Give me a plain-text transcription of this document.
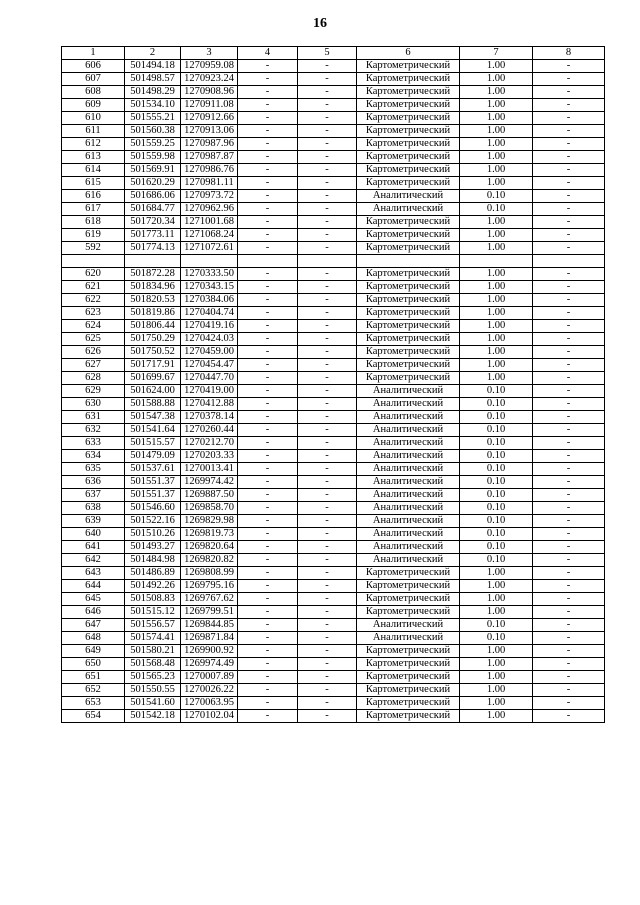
16
1	2	3	4	5	6	7	8
606	501494.18	1270959.08	-	-	Картометрический	1.00	-
607	501498.57	1270923.24	-	-	Картометрический	1.00	-
608	501498.29	1270908.96	-	-	Картометрический	1.00	-
609	501534.10	1270911.08	-	-	Картометрический	1.00	-
610	501555.21	1270912.66	-	-	Картометрический	1.00	-
611	501560.38	1270913.06	-	-	Картометрический	1.00	-
612	501559.25	1270987.96	-	-	Картометрический	1.00	-
613	501559.98	1270987.87	-	-	Картометрический	1.00	-
614	501569.91	1270986.76	-	-	Картометрический	1.00	-
615	501620.29	1270981.11	-	-	Картометрический	1.00	-
616	501686.06	1270973.72	-	-	Аналитический	0.10	-
617	501684.77	1270962.96	-	-	Аналитический	0.10	-
618	501720.34	1271001.68	-	-	Картометрический	1.00	-
619	501773.11	1271068.24	-	-	Картометрический	1.00	-
592	501774.13	1271072.61	-	-	Картометрический	1.00	-

620	501872.28	1270333.50	-	-	Картометрический	1.00	-
621	501834.96	1270343.15	-	-	Картометрический	1.00	-
622	501820.53	1270384.06	-	-	Картометрический	1.00	-
623	501819.86	1270404.74	-	-	Картометрический	1.00	-
624	501806.44	1270419.16	-	-	Картометрический	1.00	-
625	501750.29	1270424.03	-	-	Картометрический	1.00	-
626	501750.52	1270459.00	-	-	Картометрический	1.00	-
627	501717.91	1270454.47	-	-	Картометрический	1.00	-
628	501699.67	1270447.70	-	-	Картометрический	1.00	-
629	501624.00	1270419.00	-	-	Аналитический	0.10	-
630	501588.88	1270412.88	-	-	Аналитический	0.10	-
631	501547.38	1270378.14	-	-	Аналитический	0.10	-
632	501541.64	1270260.44	-	-	Аналитический	0.10	-
633	501515.57	1270212.70	-	-	Аналитический	0.10	-
634	501479.09	1270203.33	-	-	Аналитический	0.10	-
635	501537.61	1270013.41	-	-	Аналитический	0.10	-
636	501551.37	1269974.42	-	-	Аналитический	0.10	-
637	501551.37	1269887.50	-	-	Аналитический	0.10	-
638	501546.60	1269858.70	-	-	Аналитический	0.10	-
639	501522.16	1269829.98	-	-	Аналитический	0.10	-
640	501510.26	1269819.73	-	-	Аналитический	0.10	-
641	501493.27	1269820.64	-	-	Аналитический	0.10	-
642	501484.98	1269820.82	-	-	Аналитический	0.10	-
643	501486.89	1269808.99	-	-	Картометрический	1.00	-
644	501492.26	1269795.16	-	-	Картометрический	1.00	-
645	501508.83	1269767.62	-	-	Картометрический	1.00	-
646	501515.12	1269799.51	-	-	Картометрический	1.00	-
647	501556.57	1269844.85	-	-	Аналитический	0.10	-
648	501574.41	1269871.84	-	-	Аналитический	0.10	-
649	501580.21	1269900.92	-	-	Картометрический	1.00	-
650	501568.48	1269974.49	-	-	Картометрический	1.00	-
651	501565.23	1270007.89	-	-	Картометрический	1.00	-
652	501550.55	1270026.22	-	-	Картометрический	1.00	-
653	501541.60	1270063.95	-	-	Картометрический	1.00	-
654	501542.18	1270102.04	-	-	Картометрический	1.00	-
